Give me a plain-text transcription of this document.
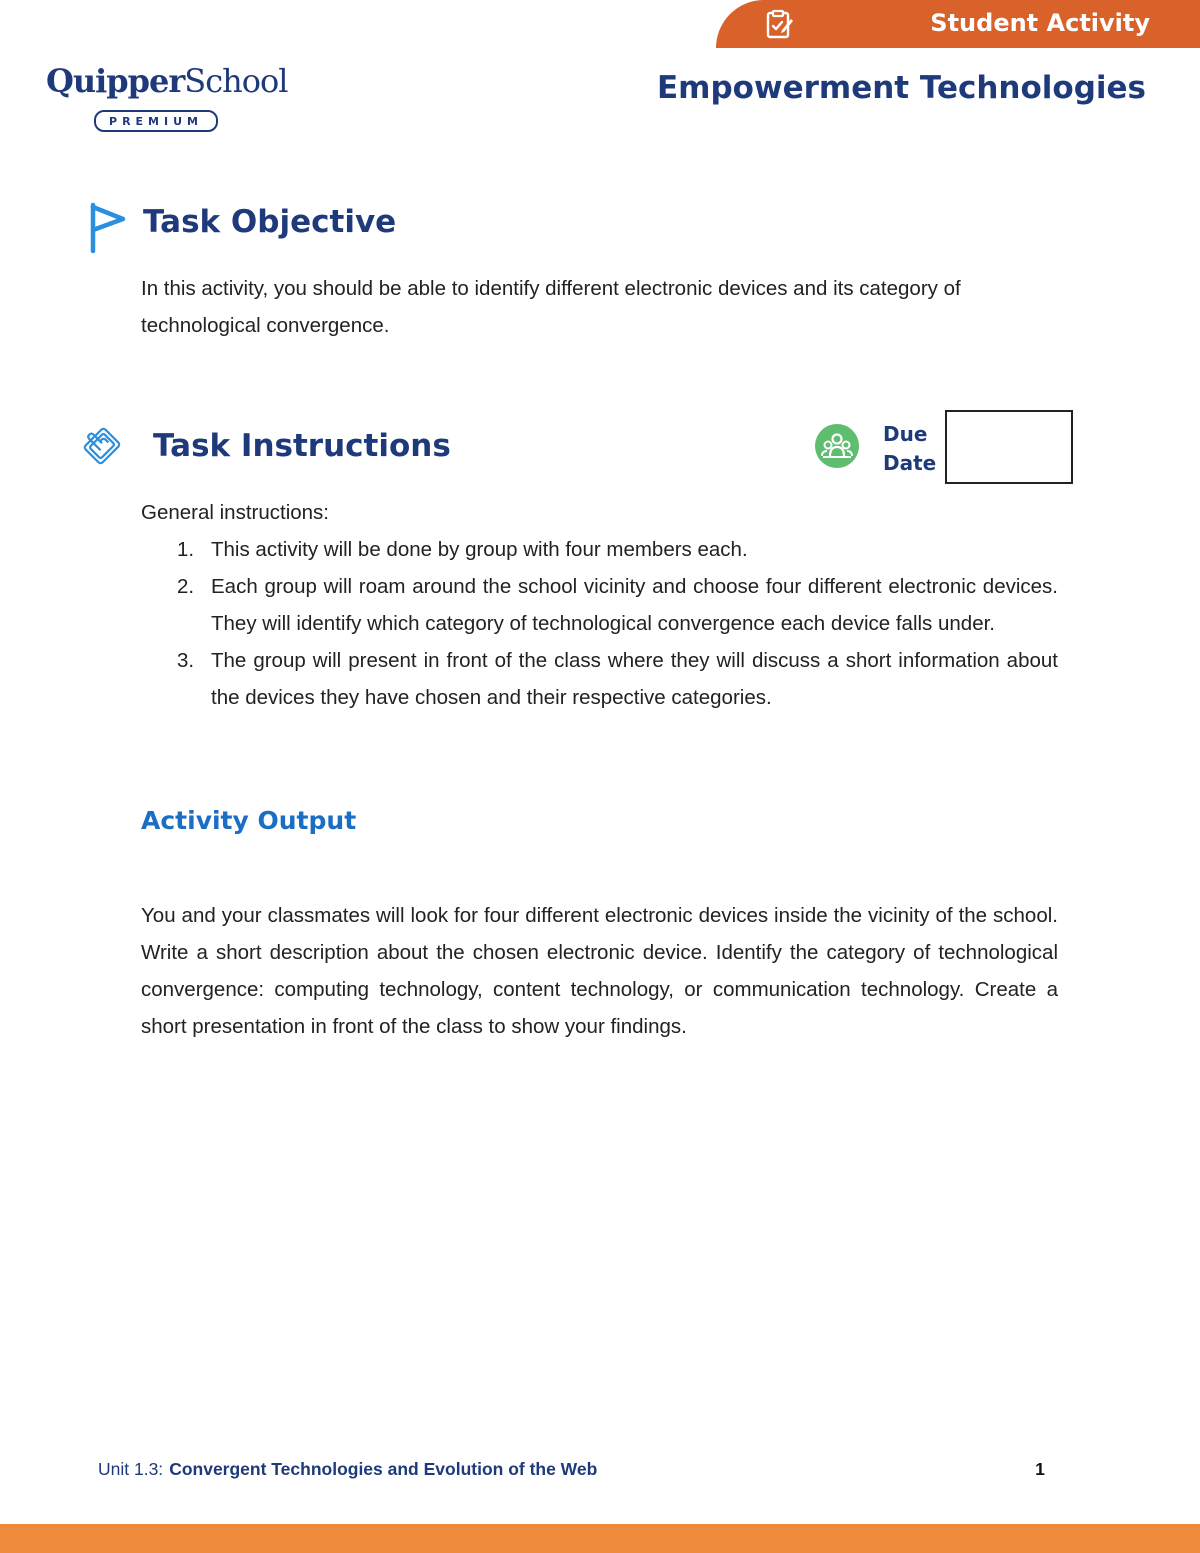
Student Activity
QuipperSchool
PREMIUM
Empowerment Technologies
Task Objective

In this activity, you should be able to identify different electronic devices and its category of technological convergence.

Task Instructions	Due
Date
General instructions:
1. This activity will be done by group with four members each.
2. Each group will roam around the school vicinity and choose four different electronic devices. They will identify which category of technological convergence each device falls under.
3. The group will present in front of the class where they will discuss a short information about the devices they have chosen and their respective categories.
Activity Output

You and your classmates will look for four different electronic devices inside the vicinity of the school. Write a short description about the chosen electronic device. Identify the category of technological convergence: computing technology, content technology, or communication technology. Create a short presentation in front of the class to show your findings.

Unit 1.3: Convergent Technologies and Evolution of the Web	1
